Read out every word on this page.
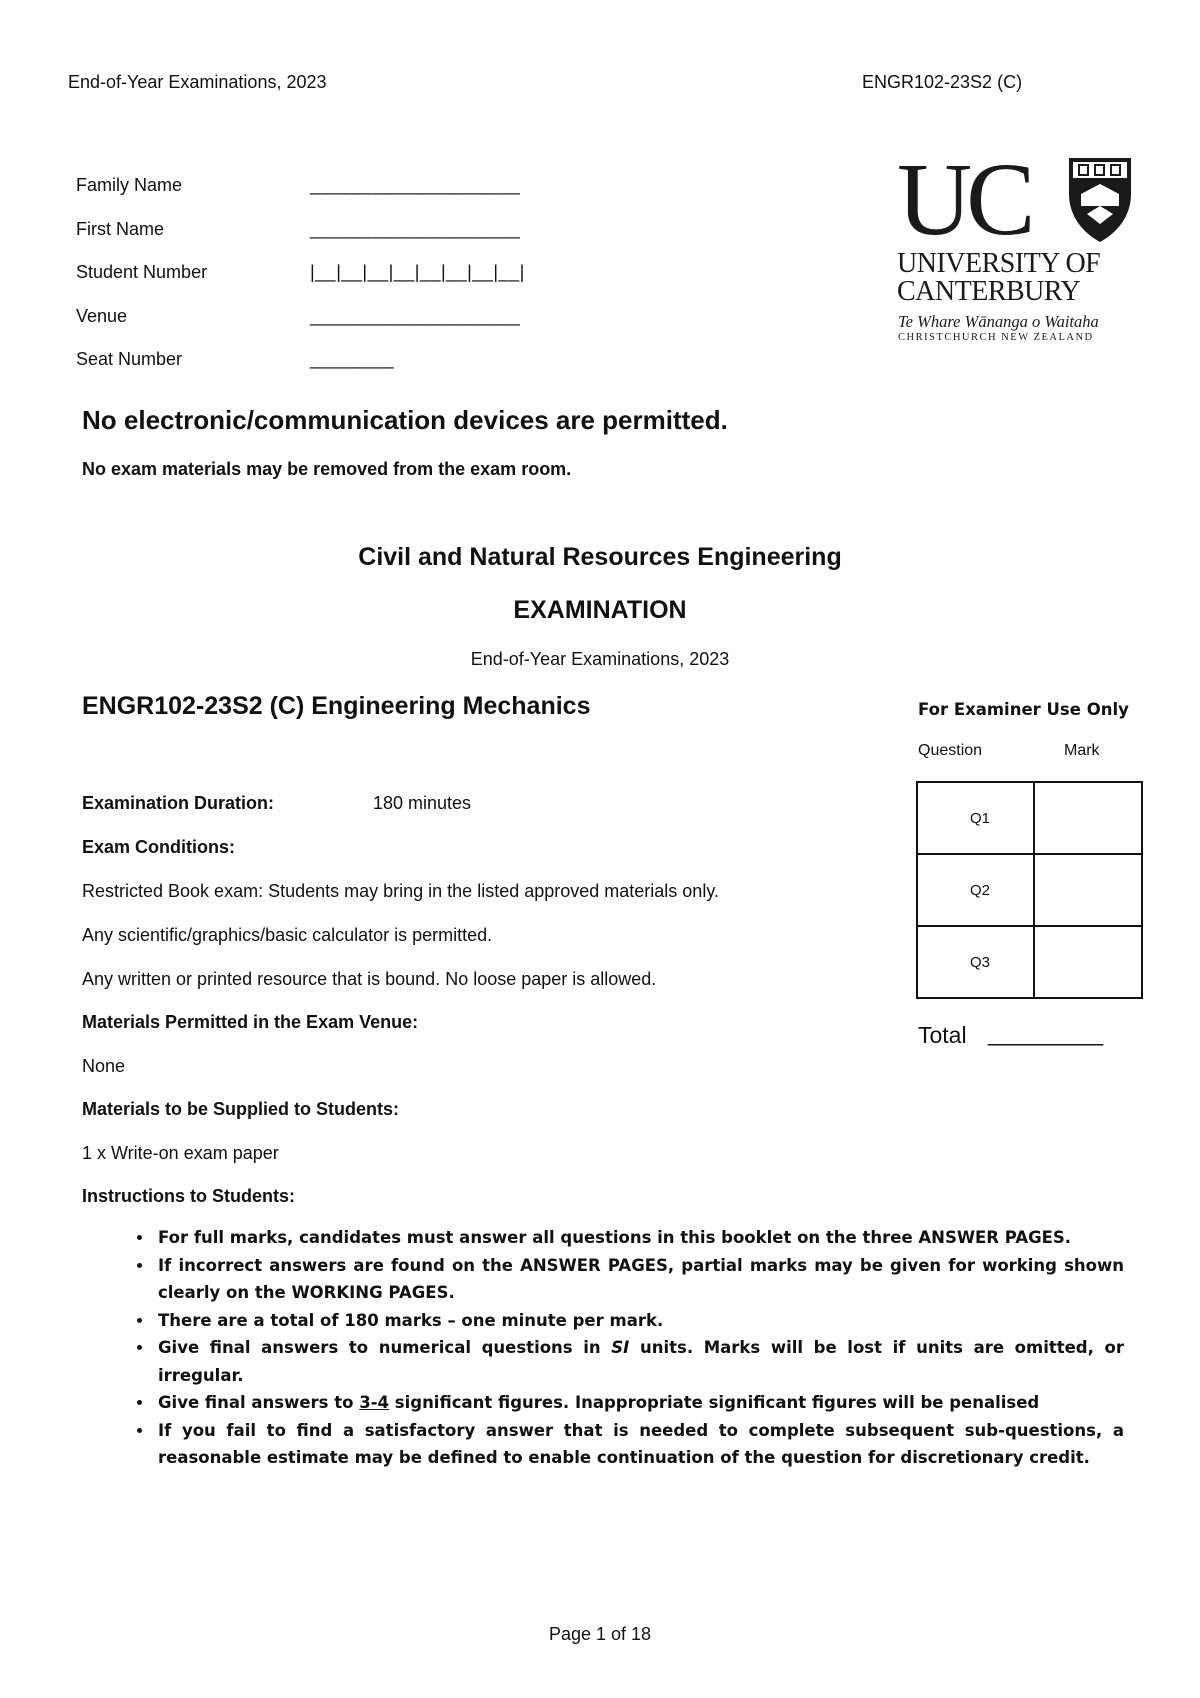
End-of-Year Examinations, 2023	ENGR102-23S2 (C)
Family Name	____________________
First Name	____________________
Student Number	|__|__|__|__|__|__|__|__|
Venue	____________________
Seat Number	________
UC
UNIVERSITY OF
CANTERBURY
Te Whare Wānanga o Waitaha
CHRISTCHURCH NEW ZEALAND
No electronic/communication devices are permitted.
No exam materials may be removed from the exam room.
Civil and Natural Resources Engineering
EXAMINATION
End-of-Year Examinations, 2023
ENGR102-23S2 (C) Engineering Mechanics	For Examiner Use Only
Question	Mark
Q1	
Q2	
Q3	
Total _________
Examination Duration:	180 minutes
Exam Conditions:
Restricted Book exam: Students may bring in the listed approved materials only.
Any scientific/graphics/basic calculator is permitted.
Any written or printed resource that is bound. No loose paper is allowed.
Materials Permitted in the Exam Venue:
None
Materials to be Supplied to Students:
1 x Write-on exam paper
Instructions to Students:
• For full marks, candidates must answer all questions in this booklet on the three ANSWER PAGES.
• If incorrect answers are found on the ANSWER PAGES, partial marks may be given for working shown clearly on the WORKING PAGES.
• There are a total of 180 marks – one minute per mark.
• Give final answers to numerical questions in SI units. Marks will be lost if units are omitted, or irregular.
• Give final answers to 3-4 significant figures. Inappropriate significant figures will be penalised
• If you fail to find a satisfactory answer that is needed to complete subsequent sub-questions, a reasonable estimate may be defined to enable continuation of the question for discretionary credit.
Page 1 of 18
